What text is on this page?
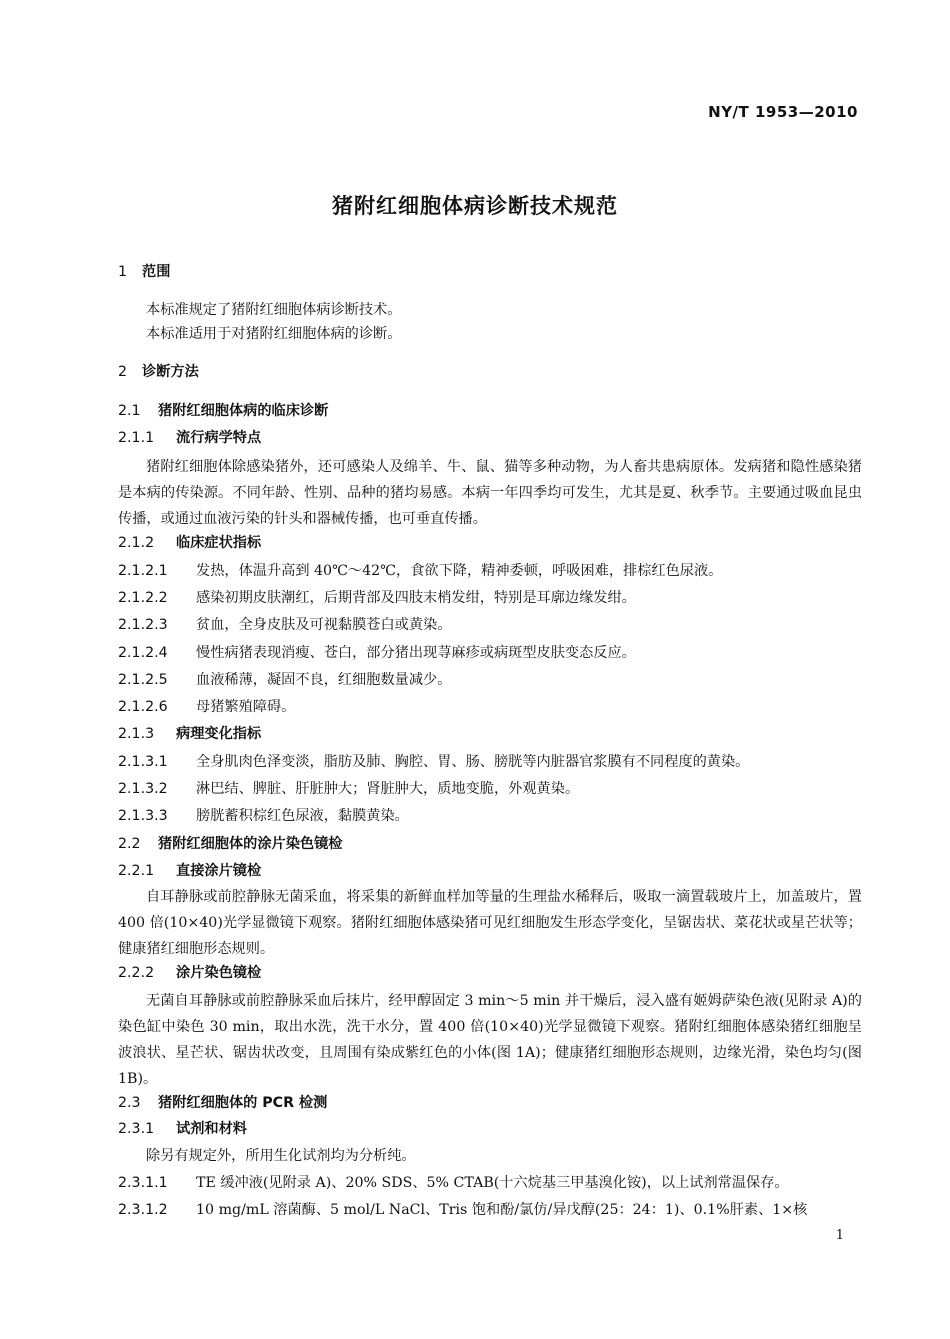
NY/T 1953—2010
猪附红细胞体病诊断技术规范
1 范围
本标准规定了猪附红细胞体病诊断技术。
本标准适用于对猪附红细胞体病的诊断。
2 诊断方法
2.1 猪附红细胞体病的临床诊断
2.1.1 流行病学特点
猪附红细胞体除感染猪外，还可感染人及绵羊、牛、鼠、猫等多种动物，为人畜共患病原体。发病猪和隐性感染猪是本病的传染源。不同年龄、性别、品种的猪均易感。本病一年四季均可发生，尤其是夏、秋季节。主要通过吸血昆虫传播，或通过血液污染的针头和器械传播，也可垂直传播。
2.1.2 临床症状指标
2.1.2.1 发热，体温升高到 40℃～42℃，食欲下降，精神委顿，呼吸困难，排棕红色尿液。
2.1.2.2 感染初期皮肤潮红，后期背部及四肢末梢发绀，特别是耳廓边缘发绀。
2.1.2.3 贫血，全身皮肤及可视黏膜苍白或黄染。
2.1.2.4 慢性病猪表现消瘦、苍白，部分猪出现荨麻疹或病斑型皮肤变态反应。
2.1.2.5 血液稀薄，凝固不良，红细胞数量减少。
2.1.2.6 母猪繁殖障碍。
2.1.3 病理变化指标
2.1.3.1 全身肌肉色泽变淡，脂肪及肺、胸腔、胃、肠、膀胱等内脏器官浆膜有不同程度的黄染。
2.1.3.2 淋巴结、脾脏、肝脏肿大；肾脏肿大，质地变脆，外观黄染。
2.1.3.3 膀胱蓄积棕红色尿液，黏膜黄染。
2.2 猪附红细胞体的涂片染色镜检
2.2.1 直接涂片镜检
自耳静脉或前腔静脉无菌采血，将采集的新鲜血样加等量的生理盐水稀释后，吸取一滴置载玻片上，加盖玻片，置 400 倍(10×40)光学显微镜下观察。猪附红细胞体感染猪可见红细胞发生形态学变化，呈锯齿状、菜花状或星芒状等；健康猪红细胞形态规则。
2.2.2 涂片染色镜检
无菌自耳静脉或前腔静脉采血后抹片，经甲醇固定 3 min～5 min 并干燥后，浸入盛有姬姆萨染色液(见附录 A)的染色缸中染色 30 min，取出水洗，洗干水分，置 400 倍(10×40)光学显微镜下观察。猪附红细胞体感染猪红细胞呈波浪状、星芒状、锯齿状改变，且周围有染成紫红色的小体(图 1A)；健康猪红细胞形态规则，边缘光滑，染色均匀(图 1B)。
2.3 猪附红细胞体的 PCR 检测
2.3.1 试剂和材料
除另有规定外，所用生化试剂均为分析纯。
2.3.1.1 TE 缓冲液(见附录 A)、20% SDS、5% CTAB(十六烷基三甲基溴化铵)，以上试剂常温保存。
2.3.1.2 10 mg/mL 溶菌酶、5 mol/L NaCl、Tris 饱和酚/氯仿/异戊醇(25：24：1)、0.1%肝素、1×核
1
